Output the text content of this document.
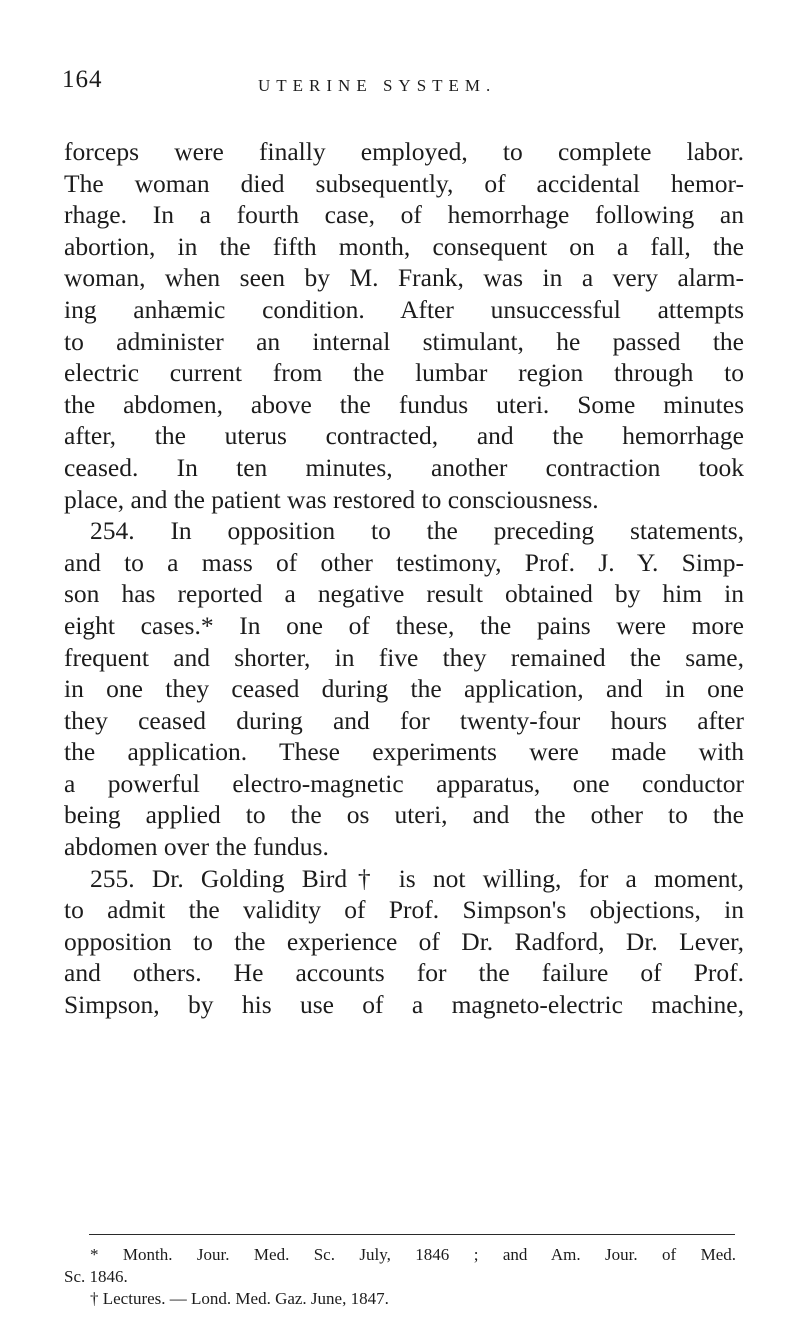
164	UTERINE SYSTEM.
forceps were finally employed, to complete labor.
The woman died subsequently, of accidental hemor-
rhage. In a fourth case, of hemorrhage following an
abortion, in the fifth month, consequent on a fall, the
woman, when seen by M. Frank, was in a very alarm-
ing anhæmic condition. After unsuccessful attempts
to administer an internal stimulant, he passed the
electric current from the lumbar region through to
the abdomen, above the fundus uteri. Some minutes
after, the uterus contracted, and the hemorrhage
ceased. In ten minutes, another contraction took
place, and the patient was restored to consciousness.
254. In opposition to the preceding statements,
and to a mass of other testimony, Prof. J. Y. Simp-
son has reported a negative result obtained by him in
eight cases.* In one of these, the pains were more
frequent and shorter, in five they remained the same,
in one they ceased during the application, and in one
they ceased during and for twenty-four hours after
the application. These experiments were made with
a powerful electro-magnetic apparatus, one conductor
being applied to the os uteri, and the other to the
abdomen over the fundus.
255. Dr. Golding Bird† is not willing, for a moment,
to admit the validity of Prof. Simpson's objections, in
opposition to the experience of Dr. Radford, Dr. Lever,
and others. He accounts for the failure of Prof.
Simpson, by his use of a magneto-electric machine,
* Month. Jour. Med. Sc. July, 1846 ; and Am. Jour. of Med.
Sc. 1846.
† Lectures. — Lond. Med. Gaz. June, 1847.
